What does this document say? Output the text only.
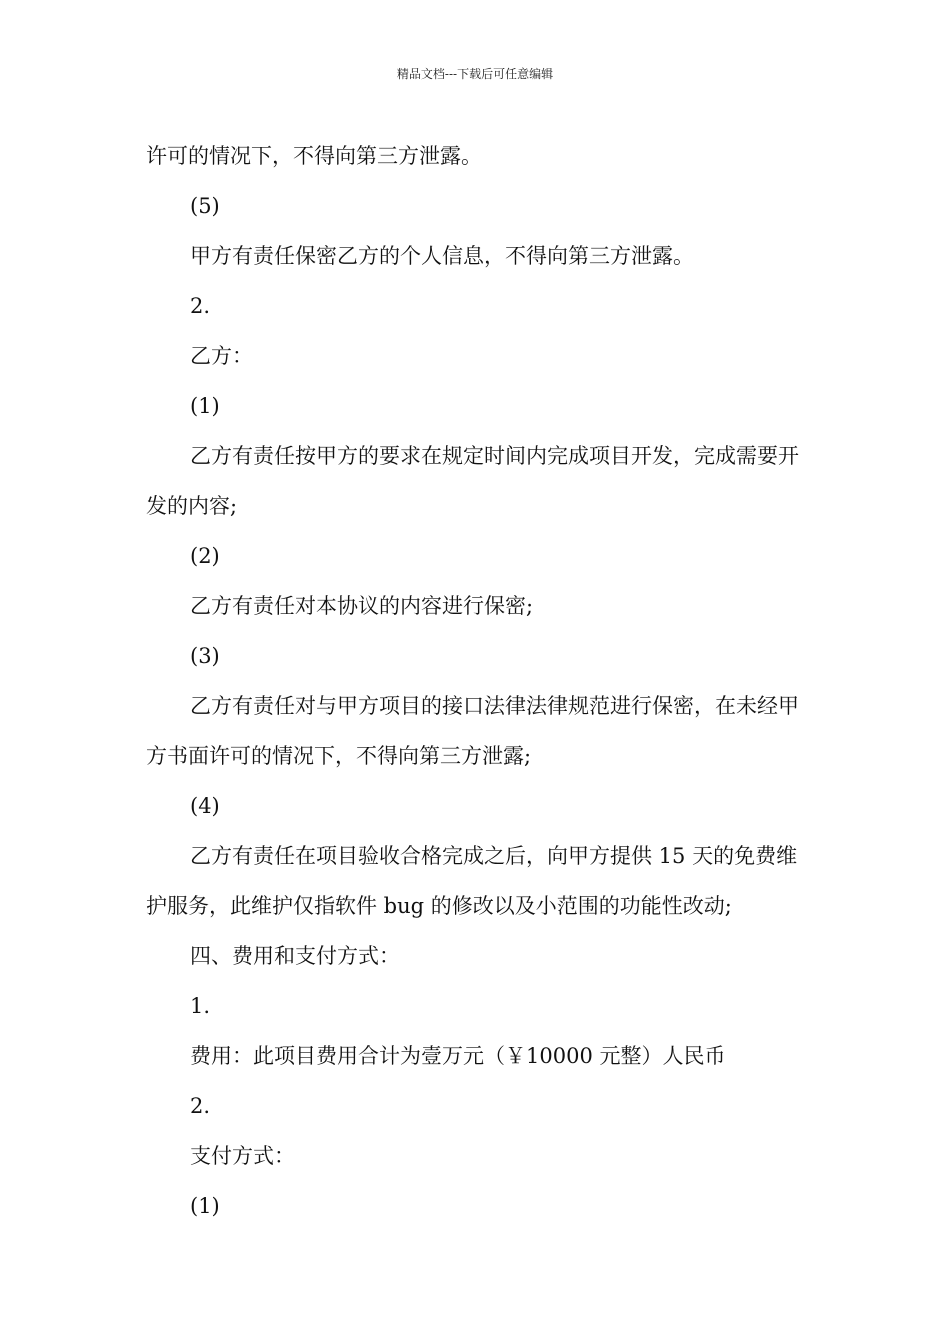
精品文档---下载后可任意编辑

许可的情况下，不得向第三方泄露。

(5)

甲方有责任保密乙方的个人信息，不得向第三方泄露。

2.

乙方：

(1)

乙方有责任按甲方的要求在规定时间内完成项目开发，完成需要开发的内容;

(2)

乙方有责任对本协议的内容进行保密;

(3)

乙方有责任对与甲方项目的接口法律法律规范进行保密，在未经甲方书面许可的情况下，不得向第三方泄露;

(4)

乙方有责任在项目验收合格完成之后，向甲方提供 15 天的免费维护服务，此维护仅指软件 bug 的修改以及小范围的功能性改动;

四、费用和支付方式：

1.

费用：此项目费用合计为壹万元（￥10000 元整）人民币

2.

支付方式：

(1)
